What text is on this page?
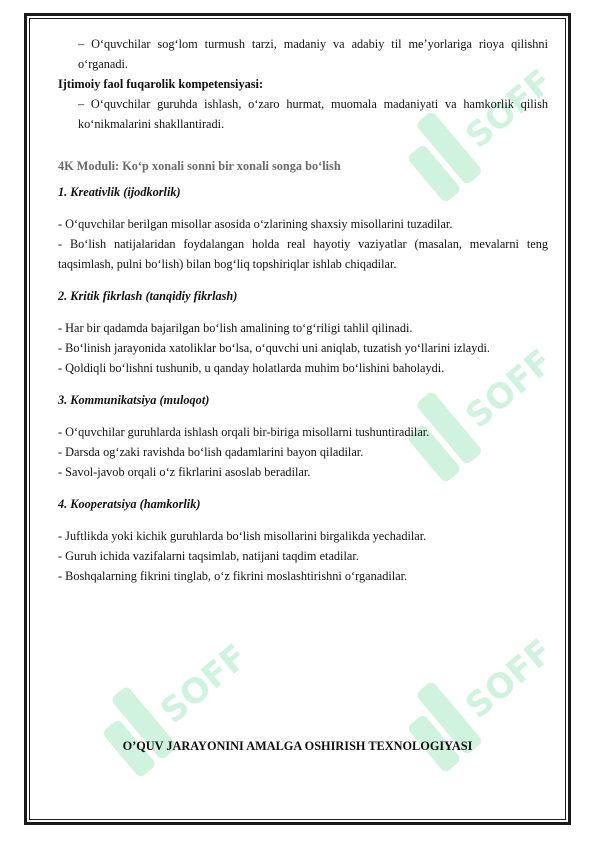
SOFF
SOFF
SOFF
SOFF

– O‘quvchilar sog‘lom turmush tarzi, madaniy va adabiy til me’yorlariga rioya qilishni o‘rganadi.

Ijtimoiy faol fuqarolik kompetensiyasi:

– O‘quvchilar guruhda ishlash, o‘zaro hurmat, muomala madaniyati va hamkorlik qilish ko‘nikmalarini shakllantiradi.

4K Moduli: Ko‘p xonali sonni bir xonali songa bo‘lish

1. Kreativlik (ijodkorlik)

- O‘quvchilar berilgan misollar asosida o‘zlarining shaxsiy misollarini tuzadilar.

- Bo‘lish natijalaridan foydalangan holda real hayotiy vaziyatlar (masalan, mevalarni teng taqsimlash, pulni bo‘lish) bilan bog‘liq topshiriqlar ishlab chiqadilar.

2. Kritik fikrlash (tanqidiy fikrlash)

- Har bir qadamda bajarilgan bo‘lish amalining to‘g‘riligi tahlil qilinadi.

- Bo‘linish jarayonida xatoliklar bo‘lsa, o‘quvchi uni aniqlab, tuzatish yo‘llarini izlaydi.

- Qoldiqli bo‘lishni tushunib, u qanday holatlarda muhim bo‘lishini baholaydi.

3. Kommunikatsiya (muloqot)

- O‘quvchilar guruhlarda ishlash orqali bir-biriga misollarni tushuntiradilar.

- Darsda og‘zaki ravishda bo‘lish qadamlarini bayon qiladilar.

- Savol-javob orqali o‘z fikrlarini asoslab beradilar.

4. Kooperatsiya (hamkorlik)

- Juftlikda yoki kichik guruhlarda bo‘lish misollarini birgalikda yechadilar.

- Guruh ichida vazifalarni taqsimlab, natijani taqdim etadilar.

- Boshqalarning fikrini tinglab, o‘z fikrini moslashtirishni o‘rganadilar.

O’QUV JARAYONINI AMALGA OSHIRISH TEXNOLOGIYASI
